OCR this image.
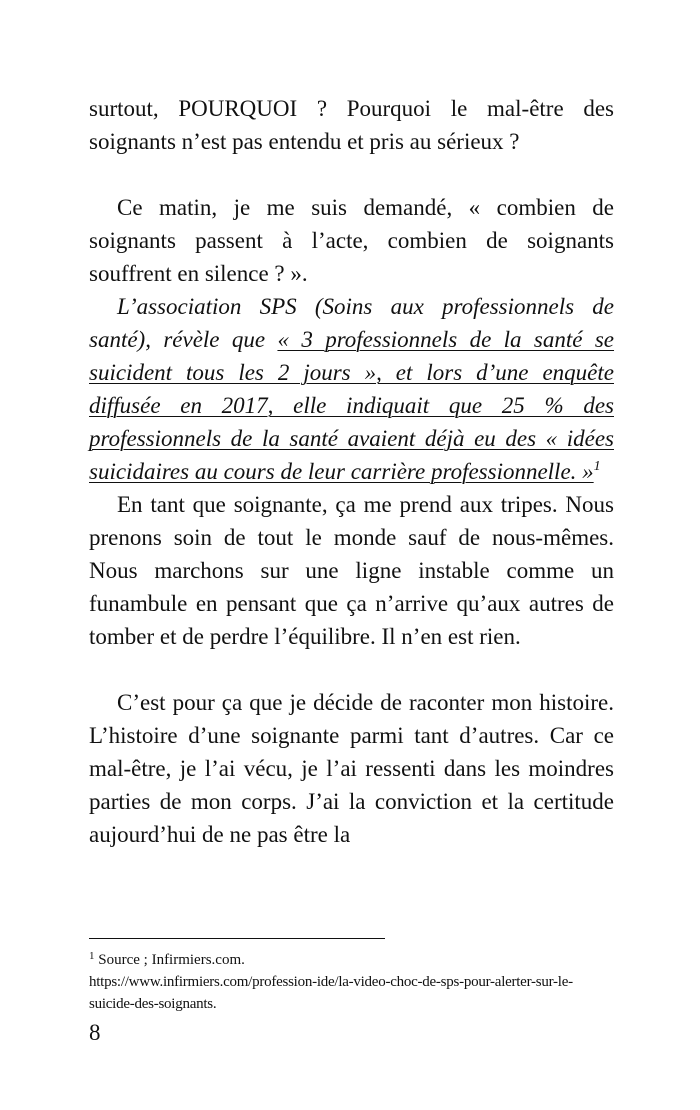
surtout, POURQUOI ? Pourquoi le mal-être des soignants n’est pas entendu et pris au sérieux ?

Ce matin, je me suis demandé, « combien de soignants passent à l’acte, combien de soignants souffrent en silence ? ».

L’association SPS (Soins aux professionnels de santé), révèle que « 3 professionnels de la santé se suicident tous les 2 jours », et lors d’une enquête diffusée en 2017, elle indiquait que 25 % des professionnels de la santé avaient déjà eu des « idées suicidaires au cours de leur carrière professionnelle. »$^1$

En tant que soignante, ça me prend aux tripes. Nous prenons soin de tout le monde sauf de nous-mêmes. Nous marchons sur une ligne instable comme un funambule en pensant que ça n’arrive qu’aux autres de tomber et de perdre l’équilibre. Il n’en est rien.

C’est pour ça que je décide de raconter mon histoire. L’histoire d’une soignante parmi tant d’autres. Car ce mal-être, je l’ai vécu, je l’ai ressenti dans les moindres parties de mon corps. J’ai la conviction et la certitude aujourd’hui de ne pas être la

$^1$ Source ; Infirmiers.com.

https://www.infirmiers.com/profession-ide/la-video-choc-de-sps-pour-alerter-sur-le-suicide-des-soignants.

8
